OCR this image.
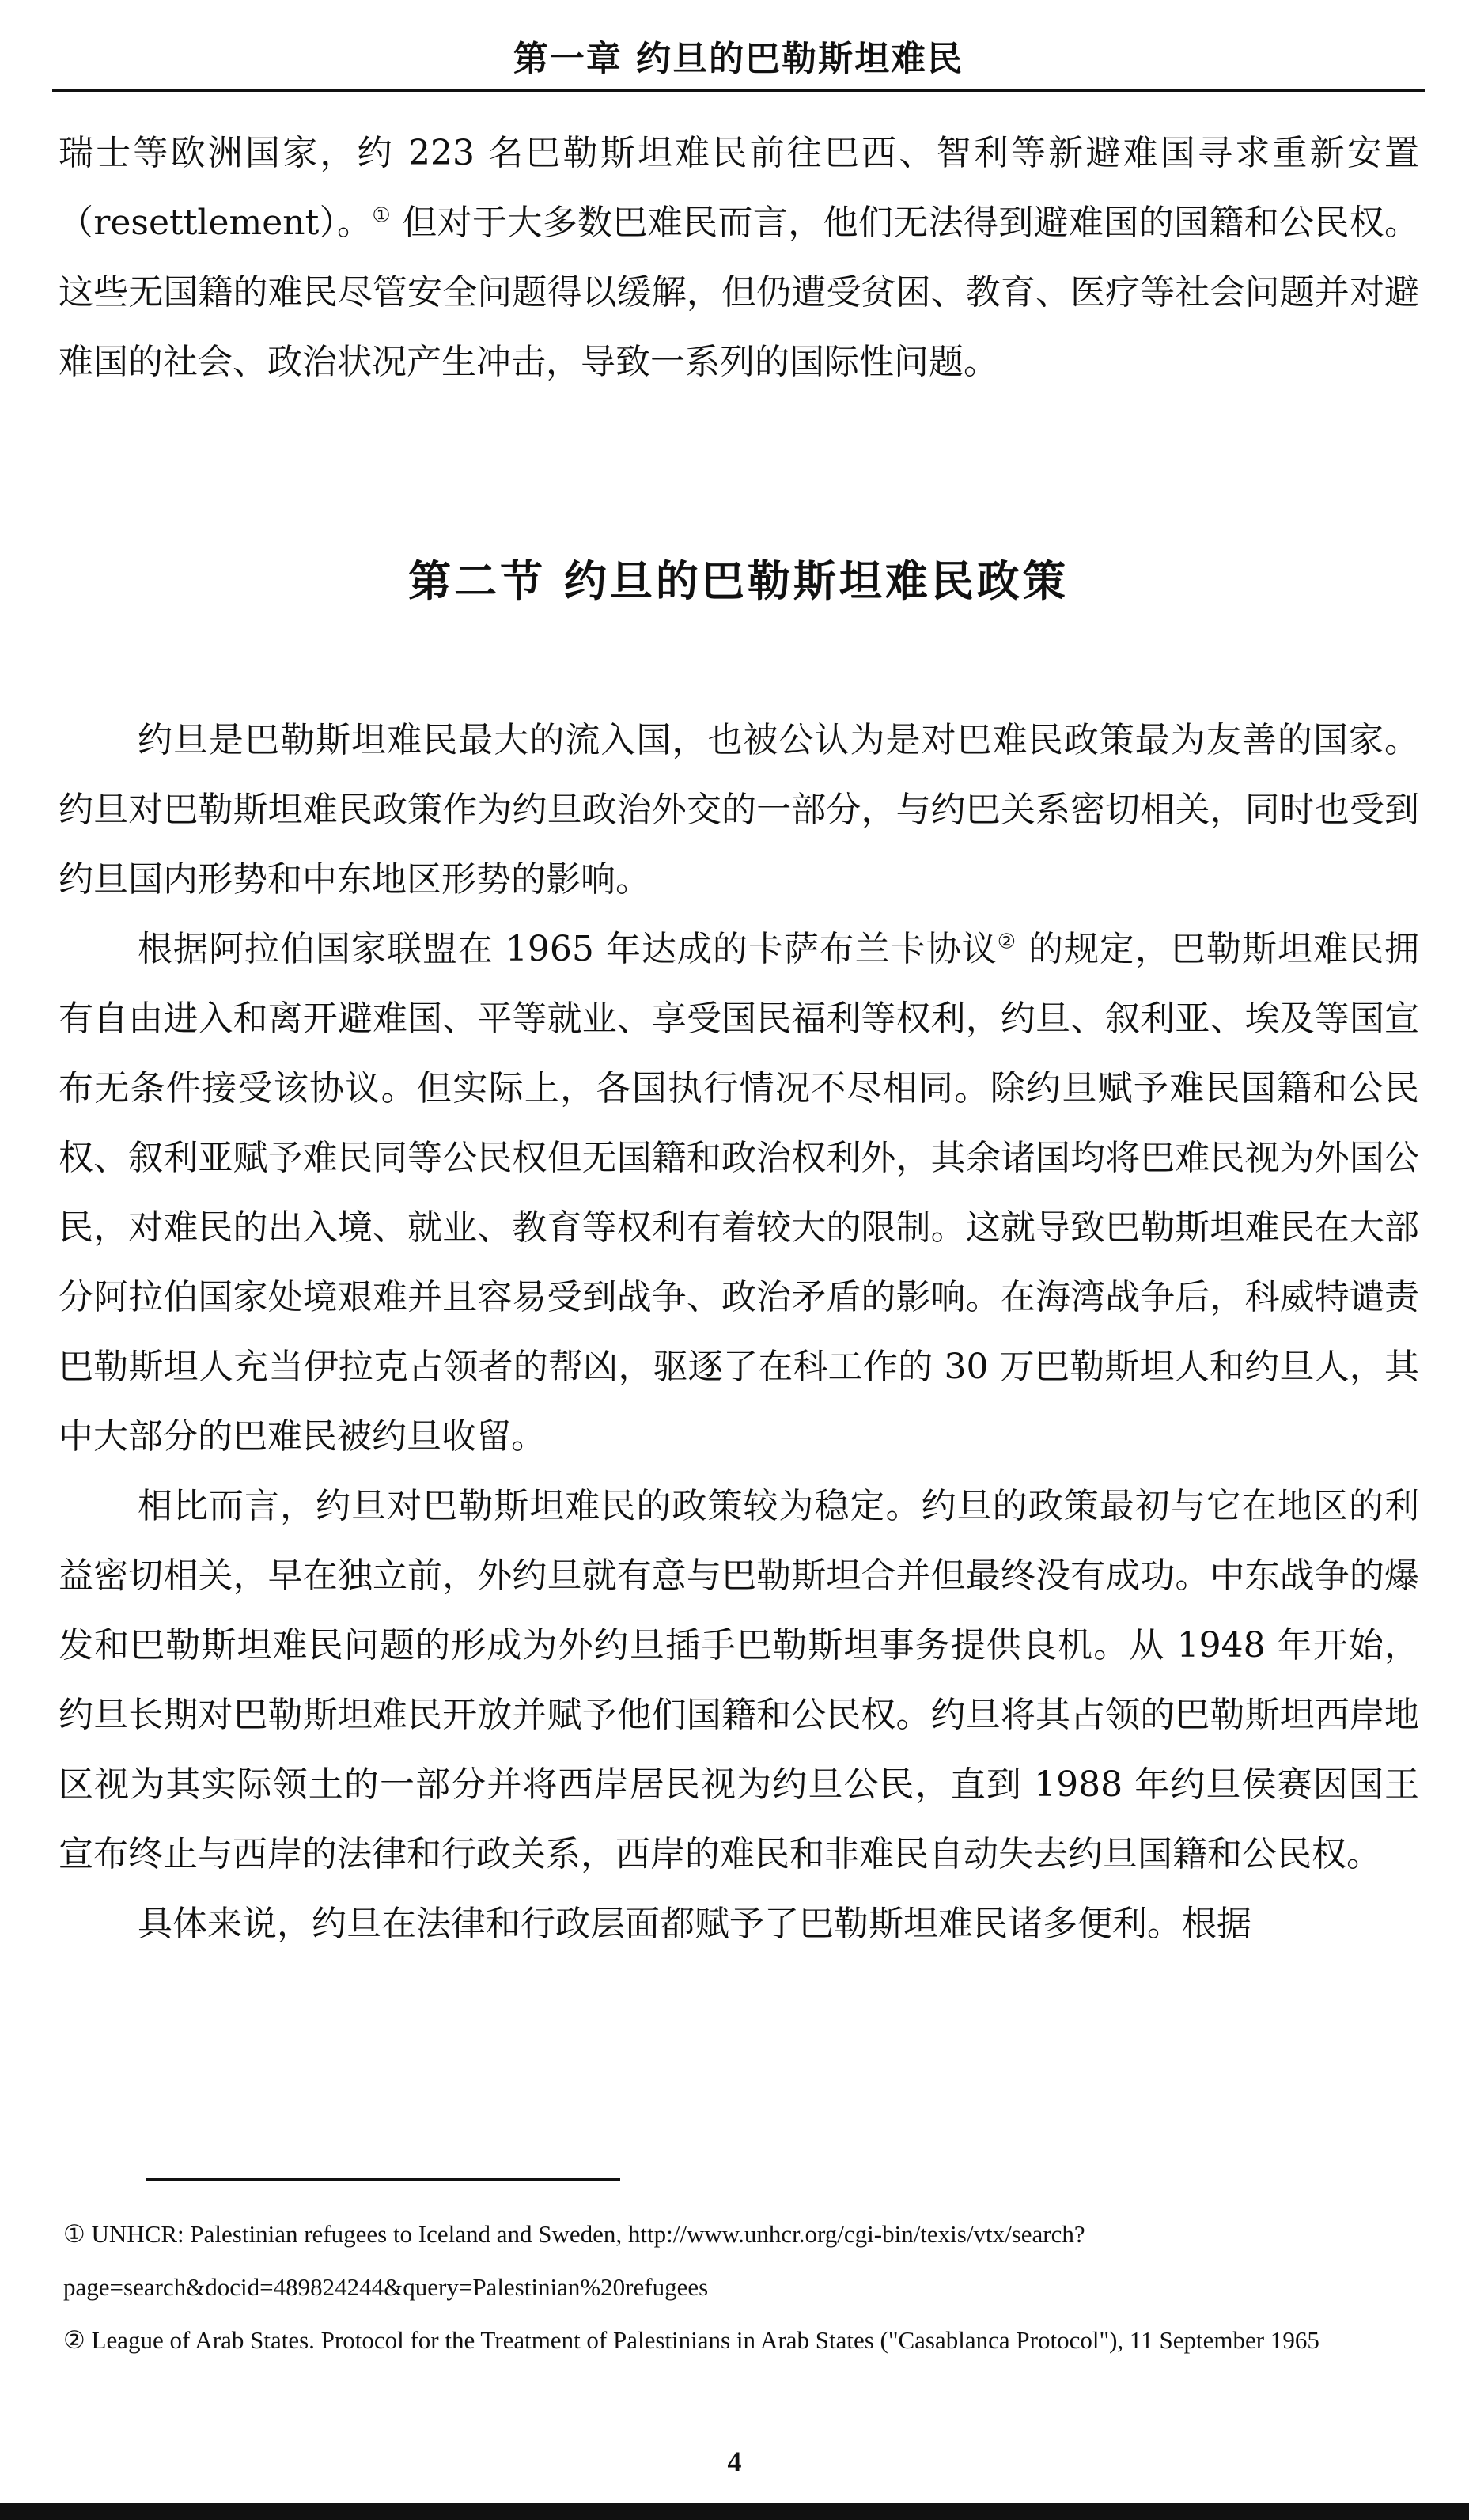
第一章 约旦的巴勒斯坦难民

瑞士等欧洲国家，约 223 名巴勒斯坦难民前往巴西、智利等新避难国寻求重新安置（resettlement）。① 但对于大多数巴难民而言，他们无法得到避难国的国籍和公民权。这些无国籍的难民尽管安全问题得以缓解，但仍遭受贫困、教育、医疗等社会问题并对避难国的社会、政治状况产生冲击，导致一系列的国际性问题。

第二节 约旦的巴勒斯坦难民政策

约旦是巴勒斯坦难民最大的流入国，也被公认为是对巴难民政策最为友善的国家。约旦对巴勒斯坦难民政策作为约旦政治外交的一部分，与约巴关系密切相关，同时也受到约旦国内形势和中东地区形势的影响。

根据阿拉伯国家联盟在 1965 年达成的卡萨布兰卡协议② 的规定，巴勒斯坦难民拥有自由进入和离开避难国、平等就业、享受国民福利等权利，约旦、叙利亚、埃及等国宣布无条件接受该协议。但实际上，各国执行情况不尽相同。除约旦赋予难民国籍和公民权、叙利亚赋予难民同等公民权但无国籍和政治权利外，其余诸国均将巴难民视为外国公民，对难民的出入境、就业、教育等权利有着较大的限制。这就导致巴勒斯坦难民在大部分阿拉伯国家处境艰难并且容易受到战争、政治矛盾的影响。在海湾战争后，科威特谴责巴勒斯坦人充当伊拉克占领者的帮凶，驱逐了在科工作的 30 万巴勒斯坦人和约旦人，其中大部分的巴难民被约旦收留。

相比而言，约旦对巴勒斯坦难民的政策较为稳定。约旦的政策最初与它在地区的利益密切相关，早在独立前，外约旦就有意与巴勒斯坦合并但最终没有成功。中东战争的爆发和巴勒斯坦难民问题的形成为外约旦插手巴勒斯坦事务提供良机。从 1948 年开始，约旦长期对巴勒斯坦难民开放并赋予他们国籍和公民权。约旦将其占领的巴勒斯坦西岸地区视为其实际领土的一部分并将西岸居民视为约旦公民，直到 1988 年约旦侯赛因国王宣布终止与西岸的法律和行政关系，西岸的难民和非难民自动失去约旦国籍和公民权。

具体来说，约旦在法律和行政层面都赋予了巴勒斯坦难民诸多便利。根据

① UNHCR: Palestinian refugees to Iceland and Sweden, http://www.unhcr.org/cgi-bin/texis/vtx/search?page=search&docid=489824244&query=Palestinian%20refugees

② League of Arab States. Protocol for the Treatment of Palestinians in Arab States ("Casablanca Protocol"), 11 September 1965

4
